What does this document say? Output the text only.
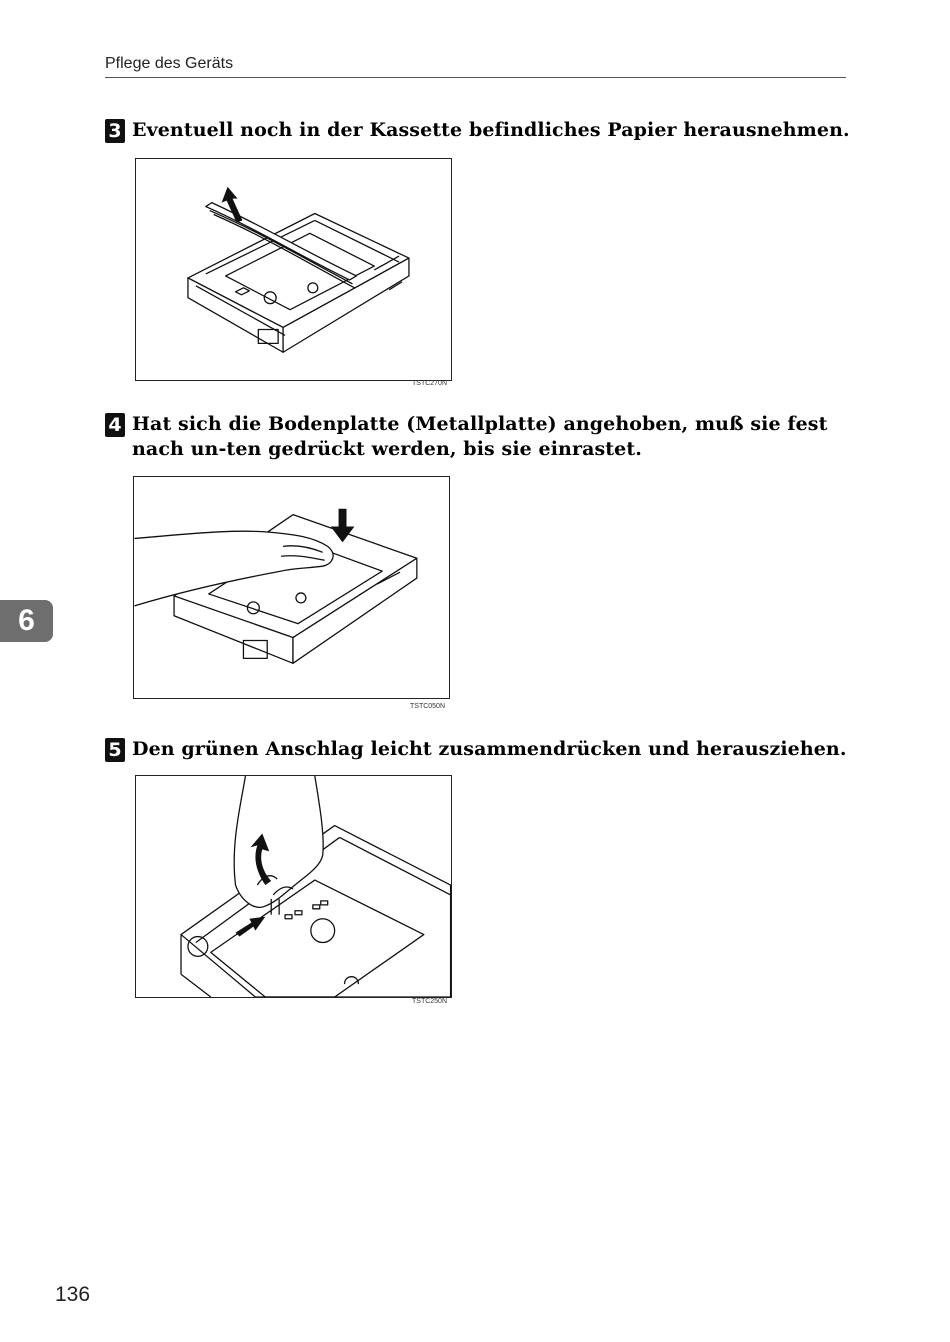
Pflege des Geräts
3 Eventuell noch in der Kassette befindliches Papier herausnehmen.
TSTC270N
4 Hat sich die Bodenplatte (Metallplatte) angehoben, muß sie fest nach un-ten gedrückt werden, bis sie einrastet.
TSTC050N
5 Den grünen Anschlag leicht zusammendrücken und herausziehen.
TSTC250N
6
136
